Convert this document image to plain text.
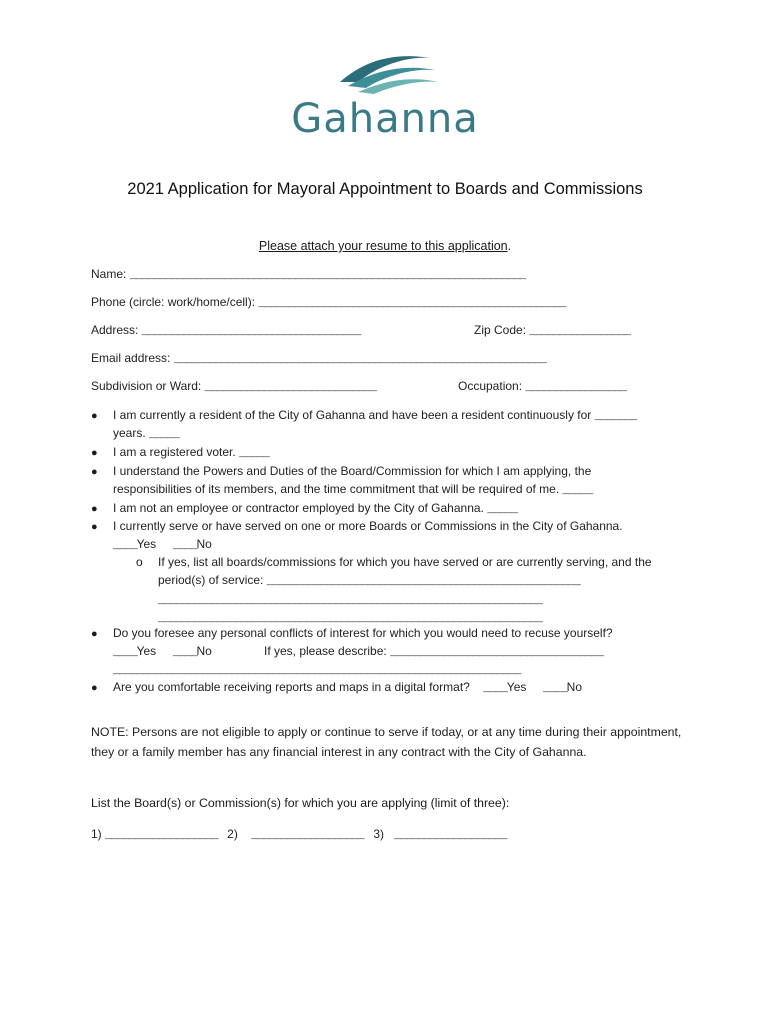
Gahanna
2021 Application for Mayoral Appointment to Boards and Commissions
Please attach your resume to this application.
Name: ___________________________________________________________________
Phone (circle: work/home/cell): ____________________________________________________
Address: _____________________________________	Zip Code: _________________
Email address: _______________________________________________________________
Subdivision or Ward: _____________________________	Occupation: _________________
● I am currently a resident of the City of Gahanna and have been a resident continuously for _______
years. _____
● I am a registered voter. _____
● I understand the Powers and Duties of the Board/Commission for which I am applying, the
responsibilities of its members, and the time commitment that will be required of me. _____
● I am not an employee or contractor employed by the City of Gahanna. _____
● I currently serve or have served on one or more Boards or Commissions in the City of Gahanna.
____Yes ____No
o If yes, list all boards/commissions for which you have served or are currently serving, and the
period(s) of service: _____________________________________________________
_________________________________________________________________
_________________________________________________________________
● Do you foresee any personal conflicts of interest for which you would need to recuse yourself?
____Yes ____No	If yes, please describe: ____________________________________
_____________________________________________________________________
● Are you comfortable receiving reports and maps in a digital format? ____Yes ____No
NOTE: Persons are not eligible to apply or continue to serve if today, or at any time during their appointment, they or a family member has any financial interest in any contract with the City of Gahanna.
List the Board(s) or Commission(s) for which you are applying (limit of three):
1) ___________________ 2) ___________________ 3) ___________________
